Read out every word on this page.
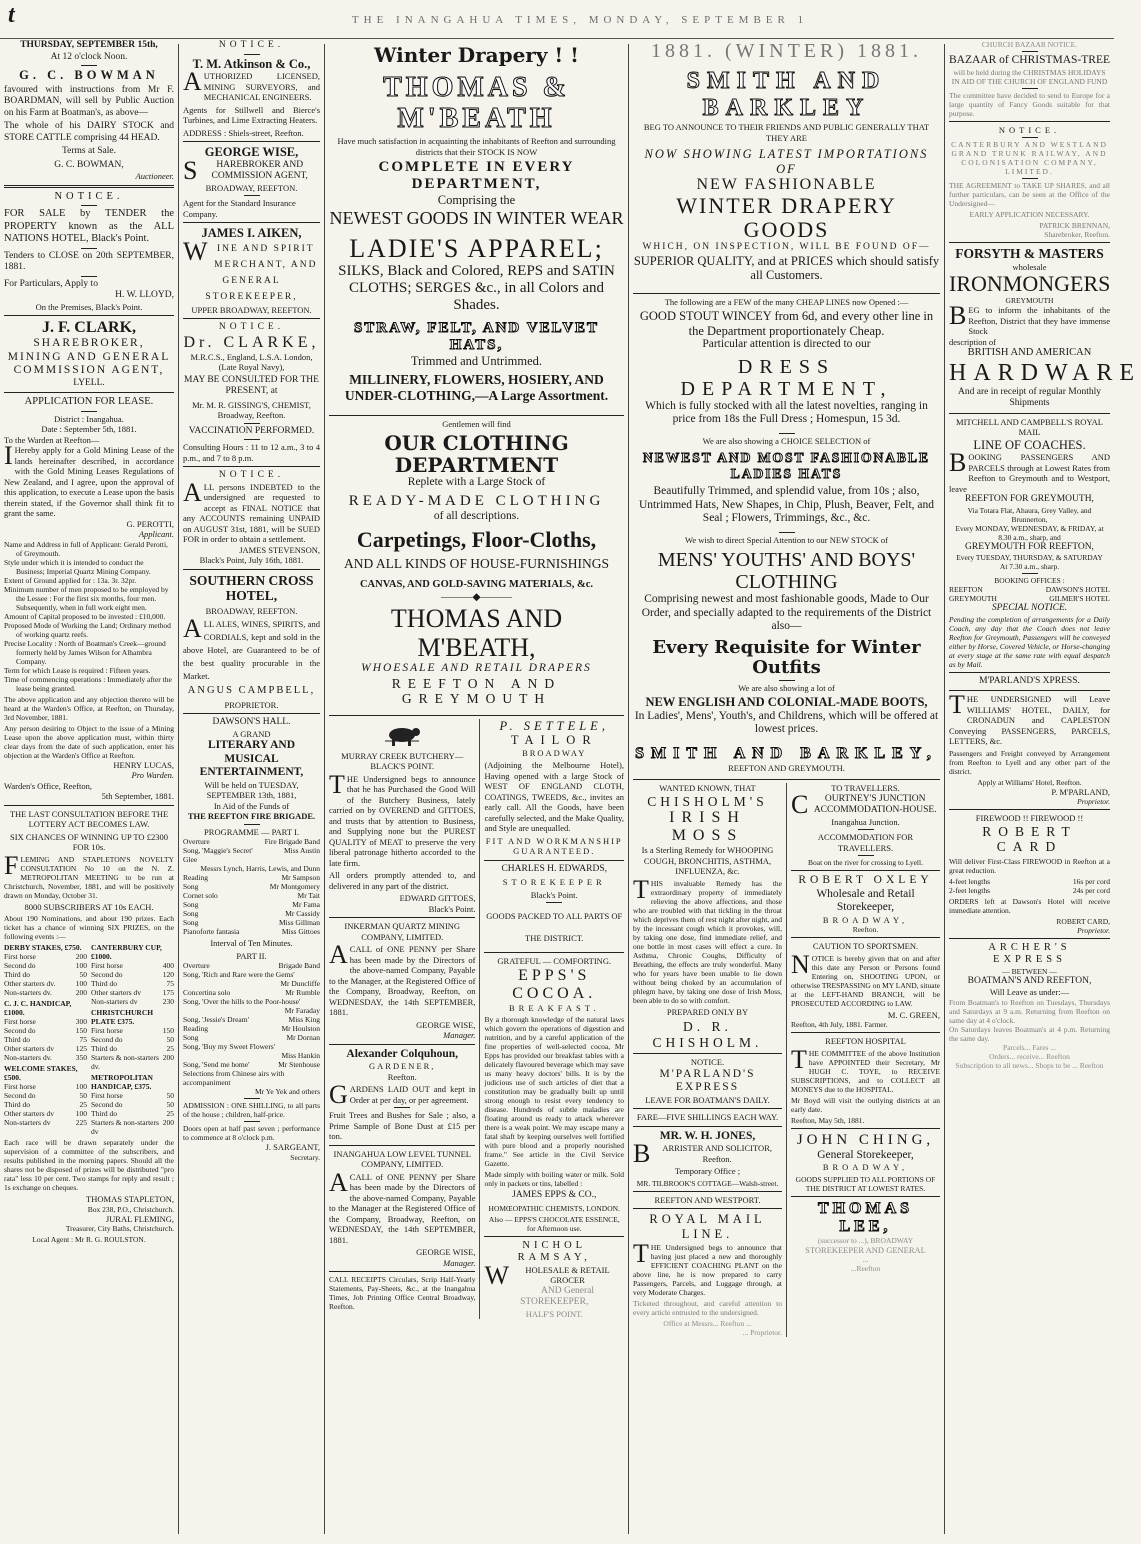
t	THE INANGAHUA TIMES, MONDAY, SEPTEMBER 1
THURSDAY, SEPTEMBER 15th,
At 12 o'clock Noon.
G. C. BOWMAN
favoured with instructions from Mr F. BOARDMAN, will sell by Public Auction on his Farm at Boatman's, as above—
The whole of his DAIRY STOCK and STORE CATTLE comprising 44 HEAD.
Terms at Sale.
G. C. BOWMAN,
Auctioneer.
NOTICE.
FOR SALE by TENDER the PROPERTY known as the ALL NATIONS HOTEL, Black's Point.
Tenders to CLOSE on 20th SEPTEMBER, 1881.
For Particulars, Apply to
H. W. LLOYD,
On the Premises, Black's Point.
J. F. CLARK,
SHAREBROKER, MINING AND GENERAL COMMISSION AGENT,
LYELL.
APPLICATION FOR LEASE.
District : Inangahua.
Date : September 5th, 1881.
To the Warden at Reefton—
IHereby apply for a Gold Mining Lease of the lands hereinafter described, in accordance with the Gold Mining Leases Regulations of New Zealand, and I agree, upon the approval of this application, to execute a Lease upon the basis therein stated, if the Governor shall think fit to grant the same.
G. PEROTTI,
Applicant.
Name and Address in full of Applicant: Gerald Perotti, of Greymouth.
Style under which it is intended to conduct the Business; Imperial Quartz Mining Company.
Extent of Ground applied for : 13a. 3r. 32pr.
Minimum number of men proposed to be employed by the Lessee : For the first six months, four men. Subsequently, when in full work eight men.
Amount of Capital proposed to be invested : £10,000.
Proposed Mode of Working the Land; Ordinary method of working quartz reefs.
Precise Locality : North of Boatman's Creek—ground formerly held by James Wilson for Alhambra Company.
Term for which Lease is required : Fifteen years.
Time of commencing operations : Immediately after the lease being granted.
The above application and any objection thereto will be heard at the Warden's Office, at Reefton, on Thursday, 3rd November, 1881.
Any person desiring to Object to the issue of a Mining Lease upon the above application must, within thirty clear days from the date of such application, enter his objection at the Warden's Office at Reefton.
HENRY LUCAS,
Pro Warden.
Warden's Office, Reefton,
5th September, 1881.
THE LAST CONSULTATION BEFORE THE LOTTERY ACT BECOMES LAW.
SIX CHANCES OF WINNING UP TO £2300 FOR 10s.
FLEMING AND STAPLETON'S NOVELTY CONSULTATION No 10 on the N. Z. METROPOLITAN MEETING to be run at Christchurch, November, 1881, and will be positively drawn on Monday, October 31.
8000 SUBSCRIBERS AT 10s EACH.
About 190 Nominations, and about 190 prizes. Each ticket has a chance of winning SIX PRIZES, on the following events :—
DERBY STAKES, £750.
First horse	200
Second do	100
Third do	50
Other starters dv.	100
Non-starters dv.	200
C. J. C. HANDICAP, £1000.
First horse	300
Second do	150
Third do	75
Other starters dv	125
Non-starters dv.	350
WELCOME STAKES, £500.
First horse	100
Second do	50
Third do	25
Other starters dv	100
Non-starters dv	225
CANTERBURY CUP, £1000.
First horse	400
Second do	120
Third do	75
Other starters dv	175
Non-starters dv	230
CHRISTCHURCH PLATE £375.
First horse	150
Second do	50
Third do	25
Starters & non-starters dv.
200
METROPOLITAN HANDICAP, £375.
First horse	50
Second do	50
Third do	25
Starters & non-starters dv
200
Each race will be drawn separately under the supervision of a committee of the subscribers, and results published in the morning papers. Should all the shares not be disposed of prizes will be distributed "pro rata" less 10 per cent. Two stamps for reply and result ; 1s exchange on cheques.
THOMAS STAPLETON,
Box 238, P.O., Christchurch.
JURAL FLEMING,
Treasurer, City Baths, Christchurch.
Local Agent : Mr R. G. ROULSTON.
NOTICE.
T. M. Atkinson & Co.,
AUTHORIZED LICENSED, MINING SURVEYORS, and MECHANICAL ENGINEERS.
Agents for Stillwell and Bierce's Turbines, and Lime Extracting Heaters.
ADDRESS : Shiels-street, Reefton.
GEORGE WISE,
SHAREBROKER AND COMMISSION AGENT,
BROADWAY, REEFTON.
Agent for the Standard Insurance Company.
JAMES I. AIKEN,
WINE AND SPIRIT MERCHANT, AND GENERAL STOREKEEPER,
UPPER BROADWAY, REEFTON.
NOTICE.
Dr. CLARKE,
M.R.C.S., England, L.S.A. London, (Late Royal Navy),
MAY BE CONSULTED FOR THE PRESENT, at
Mr. M. R. GISSING'S, CHEMIST,
Broadway, Reefton.
VACCINATION PERFORMED.
Consulting Hours : 11 to 12 a.m., 3 to 4 p.m., and 7 to 8 p.m.
NOTICE.
ALL persons INDEBTED to the undersigned are requested to accept as FINAL NOTICE that any ACCOUNTS remaining UNPAID on AUGUST 31st, 1881, will be SUED FOR in order to obtain a settlement.
JAMES STEVENSON,
Black's Point, July 16th, 1881.
SOUTHERN CROSS HOTEL,
BROADWAY, REEFTON.
ALL ALES, WINES, SPIRITS, and CORDIALS, kept and sold in the above Hotel, are Guaranteed to be of the best quality procurable in the Market.
ANGUS CAMPBELL,
PROPRIETOR.
DAWSON'S HALL.
A GRAND
LITERARY AND MUSICAL ENTERTAINMENT,
Will be held on TUESDAY, SEPTEMBER 13th, 1881,
In Aid of the Funds of
THE REEFTON FIRE BRIGADE.
PROGRAMME — PART I.
Overture	Fire Brigade Band
Song, 'Maggie's Secret'	Miss Austin
Glee
Messrs Lynch, Harris, Lewis, and Dunn
Reading	Mr Sampson
Song	Mr Montgomery
Cornet solo	Mr Tait
Song	Mr Fama
Song	Mr Cassidy
Song	Miss Gillman
Pianoforte fantasia	Miss Gittoes
Interval of Ten Minutes.
PART II.
Overture	Brigade Band
Song, 'Rich and Rare were the Gems'
Mr Duncliffe
Concertina solo	Mr Rumble
Song, 'Over the hills to the Poor-house'
Mr Faraday
Song, 'Jessie's Dream'	Miss King
Reading	Mr Houlston
Song	Mr Dornan
Song, 'Buy my Sweet Flowers'
Miss Hankin
Song, 'Send me home'	Mr Stenhouse
Selections from Chinese airs with accompaniment
Mr Ye Yek and others
ADMISSION : ONE SHILLING, to all parts of the house ; children, half-price.
Doors open at half past seven ; performance to commence at 8 o'clock p.m.
J. SARGEANT,
Secretary.
Winter Drapery ! !
THOMAS & M'BEATH
Have much satisfaction in acquainting the inhabitants of Reefton and surrounding districts that their STOCK IS NOW
COMPLETE IN EVERY DEPARTMENT,
Comprising the
NEWEST GOODS IN WINTER WEAR
LADIE'S APPAREL;
SILKS, Black and Colored, REPS and SATIN CLOTHS; SERGES &c., in all Colors and Shades.
STRAW, FELT, AND VELVET HATS,
Trimmed and Untrimmed.
MILLINERY, FLOWERS, HOSIERY, AND UNDER-CLOTHING,—A Large Assortment.
Gentlemen will find
OUR CLOTHING DEPARTMENT
Replete with a Large Stock of
READY-MADE CLOTHING
of all descriptions.
Carpetings, Floor-Cloths,
AND ALL KINDS OF HOUSE-FURNISHINGS
CANVAS, AND GOLD-SAVING MATERIALS, &c.
———◆———
THOMAS AND M'BEATH,
WHOESALE AND RETAIL DRAPERS
REEFTON AND GREYMOUTH
MURRAY CREEK BUTCHERY— BLACK'S POINT.
THE Undersigned begs to announce that he has Purchased the Good Will of the Butchery Business, lately carried on by OVEREND and GITTOES, and trusts that by attention to Business, and Supplying none but the PUREST QUALITY of MEAT to preserve the very liberal patronage hitherto accorded to the late firm.
All orders promptly attended to, and delivered in any part of the district.
EDWARD GITTOES,
Black's Point.
INKERMAN QUARTZ MINING COMPANY, LIMITED.
ACALL of ONE PENNY per Share has been made by the Directors of the above-named Company, Payable to the Manager, at the Registered Office of the Company, Broadway, Reefton, on WEDNESDAY, the 14th SEPTEMBER, 1881.
GEORGE WISE,
Manager.
Alexander Colquhoun,
GARDENER,
Reefton.
GARDENS LAID OUT and kept in Order at per day, or per agreement.
Fruit Trees and Bushes for Sale ; also, a Prime Sample of Bone Dust at £15 per ton.
INANGAHUA LOW LEVEL TUNNEL COMPANY, LIMITED.
ACALL of ONE PENNY per Share has been made by the Directors of the above-named Company, Payable to the Manager at the Registered Office of the Company, Broadway, Reefton, on WEDNESDAY, the 14th SEPTEMBER, 1881.
GEORGE WISE,
Manager.
CALL RECEIPTS Circulars, Scrip Half-Yearly Statements, Pay-Sheets, &c., at the Inangahua Times, Job Printing Office Central Broadway, Reefton.
P. SETTELE,
TAILOR
BROADWAY
(Adjoining the Melbourne Hotel), Having opened with a large Stock of WEST OF ENGLAND CLOTH, COATINGS, TWEEDS, &c., invites an early call. All the Goods, have been carefully selected, and the Make Quality, and Style are unequalled.
FIT AND WORKMANSHIP GUARANTEED.
CHARLES H. EDWARDS,
STOREKEEPER
Black's Point.
GOODS PACKED TO ALL PARTS OF THE DISTRICT.
GRATEFUL — COMFORTING.
EPPS'S COCOA.
BREAKFAST.
By a thorough knowledge of the natural laws which govern the operations of digestion and nutrition, and by a careful application of the fine properties of well-selected cocoa, Mr Epps has provided our breakfast tables with a delicately flavoured beverage which may save us many heavy doctors' bills. It is by the judicious use of such articles of diet that a constitution may be gradually built up until strong enough to resist every tendency to disease. Hundreds of subtle maladies are floating around us ready to attack wherever there is a weak point. We may escape many a fatal shaft by keeping ourselves well fortified with pure blood and a properly nourished frame." See article in the Civil Service Gazette.
Made simply with boiling water or milk. Sold only in packets or tins, labelled :
JAMES EPPS & CO.,
HOMŒOPATHIC CHEMISTS, LONDON.
Also — EPPS'S CHOCOLATE ESSENCE, for Afternoon use.
NICHOL RAMSAY,
WHOLESALE & RETAIL GROCER
AND General STOREKEEPER,
HALF'S POINT.
1881. (WINTER) 1881.
SMITH AND BARKLEY
BEG TO ANNOUNCE TO THEIR FRIENDS AND PUBLIC GENERALLY THAT THEY ARE
NOW SHOWING LATEST IMPORTATIONS OF
NEW FASHIONABLE
WINTER DRAPERY GOODS
WHICH, ON INSPECTION, WILL BE FOUND OF—
SUPERIOR QUALITY, and at PRICES which should satisfy all Customers.
The following are a FEW of the many CHEAP LINES now Opened :—
GOOD STOUT WINCEY from 6d, and every other line in the Department proportionately Cheap.
Particular attention is directed to our
DRESS DEPARTMENT,
Which is fully stocked with all the latest novelties, ranging in price from 18s the Full Dress ; Homespun, 15 3d.
We are also showing a CHOICE SELECTION of
NEWEST AND MOST FASHIONABLE LADIES HATS
Beautifully Trimmed, and splendid value, from 10s ; also, Untrimmed Hats, New Shapes, in Chip, Plush, Beaver, Felt, and Seal ; Flowers, Trimmings, &c., &c.
We wish to direct Special Attention to our NEW STOCK of
MENS' YOUTHS' AND BOYS' CLOTHING
Comprising newest and most fashionable goods, Made to Our Order, and specially adapted to the requirements of the District also—
Every Requisite for Winter Outfits
We are also showing a lot of
NEW ENGLISH AND COLONIAL-MADE BOOTS,
In Ladies', Mens', Youth's, and Childrens, which will be offered at lowest prices.
SMITH AND BARKLEY,
REEFTON AND GREYMOUTH.
WANTED KNOWN, THAT
CHISHOLM'S
IRISH MOSS
Is a Sterling Remedy for WHOOPING COUGH, BRONCHITIS, ASTHMA, INFLUENZA, &c.
THIS invaluable Remedy has the extraordinary property of immediately relieving the above affections, and those who are troubled with that tickling in the throat which deprives them of rest night after night, and by the incessant cough which it provokes, will, by taking one dose, find immediate relief, and one bottle in most cases will effect a cure. In Asthma, Chronic Coughs, Difficulty of Breathing, the effects are truly wonderful. Many who for years have been unable to lie down without being choked by an accumulation of phlegm have, by taking one dose of Irish Moss, been able to do so with comfort.
PREPARED ONLY BY
D. R. CHISHOLM.
NOTICE.
M'PARLAND'S EXPRESS
LEAVE FOR BOATMAN'S DAILY.
FARE—FIVE SHILLINGS EACH WAY.
MR. W. H. JONES,
BARRISTER AND SOLICITOR, Reefton.
Temporary Office ;
MR. TILBROOK'S COTTAGE—Walsh-street.
REEFTON AND WESTPORT.
ROYAL MAIL LINE.
THE Undersigned begs to announce that having just placed a new and thoroughly EFFICIENT COACHING PLANT on the above line, he is now prepared to carry Passengers, Parcels, and Luggage through, at very Moderate Charges.
Ticketed throughout, and careful attention to every article entrusted to the undersigned.
Office at Messrs... Reefton ...
... Proprietor.
TO TRAVELLERS.
COURTNEY'S JUNCTION ACCOMMODATION-HOUSE.
Inangahua Junction.
ACCOMMODATION FOR TRAVELLERS.
Boat on the river for crossing to Lyell.
ROBERT OXLEY
Wholesale and Retail Storekeeper,
BROADWAY,
Reefton.
CAUTION TO SPORTSMEN.
NOTICE is hereby given that on and after this date any Person or Persons found Entering on, SHOOTING UPON, or otherwise TRESPASSING on MY LAND, situate at the LEFT-HAND BRANCH, will be PROSECUTED ACCORDING to LAW.
M. C. GREEN,
Reefton, 4th July, 1881. Farmer.
REEFTON HOSPITAL
THE COMMITTEE of the above Institution have APPOINTED their Secretary, Mr HUGH C. TOYE, to RECEIVE SUBSCRIPTIONS, and to COLLECT all MONEYS due to the HOSPITAL.
Mr Boyd will visit the outlying districts at an early date.
Reefton, May 5th, 1881.
JOHN CHING,
General Storekeeper,
BROADWAY,
GOODS SUPPLIED TO ALL PORTIONS OF THE DISTRICT AT LOWEST RATES.
THOMAS LEE,
(successor to ...), BROADWAY
STOREKEEPER AND GENERAL
...
...Reefton
CHURCH BAZAAR NOTICE.
BAZAAR of CHRISTMAS-TREE
will be held during the CHRISTMAS HOLIDAYS IN AID OF THE CHURCH OF ENGLAND FUND
The committee have decided to send to Europe for a large quantity of Fancy Goods suitable for that purpose.
NOTICE.
CANTERBURY AND WESTLAND GRAND TRUNK RAILWAY, AND COLONISATION COMPANY, LIMITED.
THE AGREEMENT to TAKE UP SHARES, and all further particulars, can be seen at the Office of the Undersigned—
EARLY APPLICATION NECESSARY.
PATRICK BRENNAN,
Sharebroker, Reefton.
FORSYTH & MASTERS
wholesale
IRONMONGERS
GREYMOUTH
BEG to inform the inhabitants of the Reefton, District that they have immense Stock
description of
BRITISH AND AMERICAN
HARDWARE
And are in receipt of regular Monthly Shipments
MITCHELL AND CAMPBELL'S ROYAL MAIL
LINE OF COACHES.
BOOKING PASSENGERS AND PARCELS through at Lowest Rates from Reefton to Greymouth and to Westport, leave
REEFTON FOR GREYMOUTH,
Via Totara Flat, Ahaura, Grey Valley, and Brunnerton,
Every MONDAY, WEDNESDAY, & FRIDAY, at 8.30 a.m., sharp, and
GREYMOUTH FOR REEFTON,
Every TUESDAY, THURSDAY, & SATURDAY
At 7.30 a.m., sharp.
BOOKING OFFICES :
REEFTON	DAWSON'S HOTEL
GREYMOUTH	GILMER'S HOTEL
SPECIAL NOTICE.
Pending the completion of arrangements for a Daily Coach, any day that the Coach does not leave Reefton for Greymouth, Passengers will be conveyed either by Horse, Covered Vehicle, or Horse-changing at every stage at the same rate with equal despatch as by Mail.
M'PARLAND'S XPRESS.
THE UNDERSIGNED will Leave WILLIAMS' HOTEL, DAILY, for CRONADUN and CAPLESTON Conveying PASSENGERS, PARCELS, LETTERS, &c.
Passengers and Freight conveyed by Arrangement from Reefton to Lyell and any other part of the district.
Apply at Williams' Hotel, Reefton.
P. M'PARLAND,
Proprietor.
FIREWOOD !! FIREWOOD !!
ROBERT CARD
Will deliver First-Class FIREWOOD in Reefton at a great reduction.
4-feet lengths	16s per cord
2-feet lengths	24s per cord
ORDERS left at Dawson's Hotel will receive immediate attention.
ROBERT CARD,
Proprietor.
ARCHER'S EXPRESS
— BETWEEN —
BOATMAN'S AND REEFTON,
Will Leave as under:—
From Boatman's to Reefton on Tuesdays, Thursdays and Saturdays at 9 a.m. Returning from Reefton on same day at 4 o'clock.
On Saturdays leaves Boatman's at 4 p.m. Returning the same day.
Parcels... Fares ...
Orders... receive... Reefton
Subscription to all news... Shops to be ... Reefton
